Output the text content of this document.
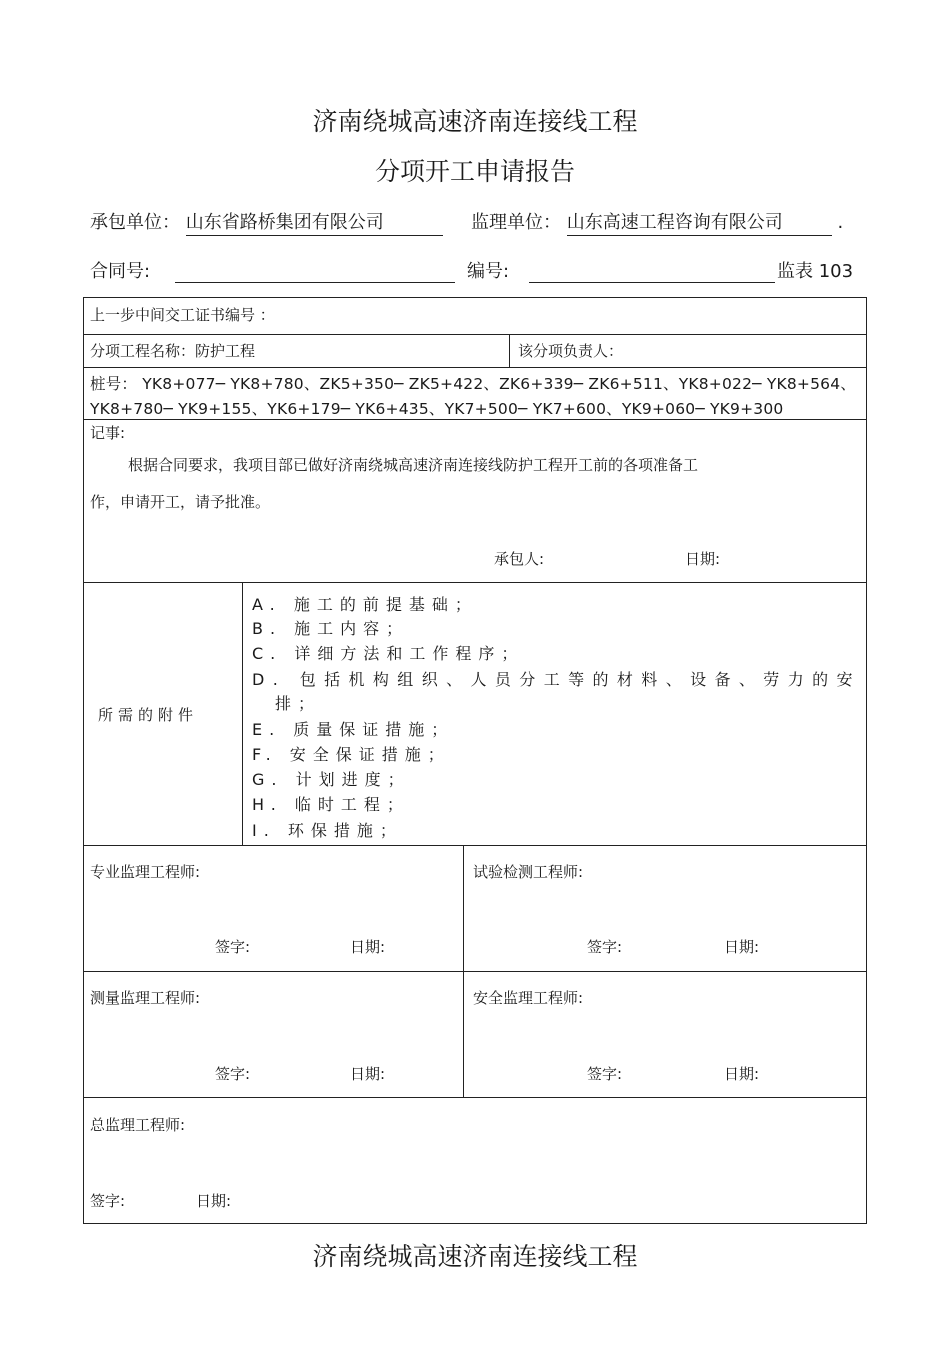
济南绕城高速济南连接线工程
分项开工申请报告
承包单位： 山东省路桥集团有限公司	监理单位： 山东高速工程咨询有限公司	.
合同号:	编号:	监表 103
上一步中间交工证书编号 ：
分项工程名称：防护工程	该分项负责人：
桩号： YK8+077─ YK8+780、ZK5+350─ ZK5+422、ZK6+339─ ZK6+511、YK8+022─ YK8+564、
YK8+780─ YK9+155、YK6+179─ YK6+435、YK7+500─ YK7+600、YK9+060─ YK9+300
记事:
根据合同要求，我项目部已做好济南绕城高速济南连接线防护工程开工前的各项准备工
作，申请开工，请予批准。
承包人:	日期:
所需的附件
A. 施工的前提基础；
B. 施工内容；
C. 详细方法和工作程序；
D. 包括机构组织、人员分工等的材料、设备、劳力的安
排；
E. 质量保证措施；
F. 安全保证措施；
G. 计划进度；
H. 临时工程；
I. 环保措施；
专业监理工程师:
签字:	日期:
试验检测工程师:
签字:	日期:
测量监理工程师:
签字:	日期:
安全监理工程师:
签字:	日期:
总监理工程师:
签字:	日期:
济南绕城高速济南连接线工程
